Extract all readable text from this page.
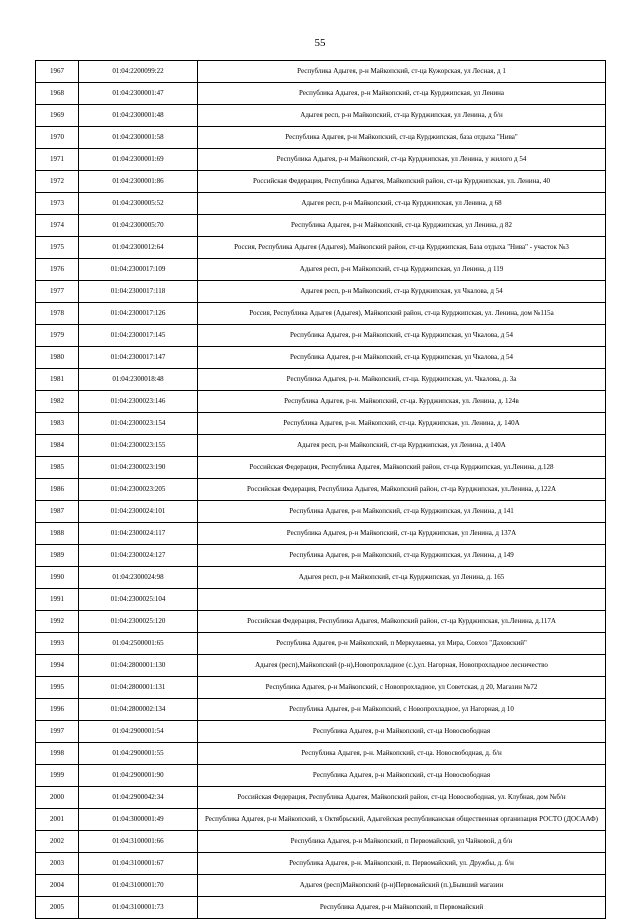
55
1967	01:04:2200099:22	Республика Адыгея, р-н Майкопский, ст-ца Кужорская, ул Лесная, д 1
1968	01:04:2300001:47	Республика Адыгея, р-н Майкопский, ст-ца Курджипская, ул Ленина
1969	01:04:2300001:48	Адыгея респ, р-н Майкопский, ст-ца Курджипская, ул Ленина, д б/н
1970	01:04:2300001:58	Республика Адыгея, р-н Майкопский, ст-ца Курджипская, база отдыха "Нива"
1971	01:04:2300001:69	Республика Адыгея, р-н Майкопский, ст-ца Курджипская, ул Ленина, у жилого д 54
1972	01:04:2300001:86	Российская Федерация, Республика Адыгея, Майкопский район, ст-ца Курджипская, ул. Ленина, 40
1973	01:04:2300005:52	Адыгея респ, р-н Майкопский, ст-ца Курджипская, ул Ленина, д 68
1974	01:04:2300005:70	Республика Адыгея, р-н Майкопский, ст-ца Курджипская, ул Ленина, д 82
1975	01:04:2300012:64	Россия, Республика Адыгея (Адыгея), Майкопский район, ст-ца Курджипская, База отдыха "Нива" - участок №3
1976	01:04:2300017:109	Адыгея респ, р-н Майкопский, ст-ца Курджипская, ул Ленина, д 119
1977	01:04:2300017:118	Адыгея респ, р-н Майкопский, ст-ца Курджипская, ул Чкалова, д 54
1978	01:04:2300017:126	Россия, Республика Адыгея (Адыгея), Майкопский район, ст-ца Курджипская, ул. Ленина, дом №115а
1979	01:04:2300017:145	Республика Адыгея, р-н Майкопский, ст-ца Курджипская, ул Чкалова, д 54
1980	01:04:2300017:147	Республика Адыгея, р-н Майкопский, ст-ца Курджипская, ул Чкалова, д 54
1981	01:04:2300018:48	Республика Адыгея, р-н. Майкопский, ст-ца. Курджипская, ул. Чкалова, д. 3а
1982	01:04:2300023:146	Республика Адыгея, р-н. Майкопский, ст-ца. Курджипская, ул. Ленина, д. 124в
1983	01:04:2300023:154	Республика Адыгея, р-н. Майкопский, ст-ца. Курджипская, ул. Ленина, д. 140А
1984	01:04:2300023:155	Адыгея респ, р-н Майкопский, ст-ца Курджипская, ул Ленина, д 140А
1985	01:04:2300023:190	Российская Федерация, Республика Адыгея, Майкопский район, ст-ца Курджипская, ул.Ленина, д.128
1986	01:04:2300023:205	Российская Федерация, Республика Адыгея, Майкопский район, ст-ца Курджипская, ул.Ленина, д.122А
1987	01:04:2300024:101	Республика Адыгея, р-н Майкопский, ст-ца Курджипская, ул Ленина, д 141
1988	01:04:2300024:117	Республика Адыгея, р-н Майкопский, ст-ца Курджипская, ул Ленина, д 137А
1989	01:04:2300024:127	Республика Адыгея, р-н Майкопский, ст-ца Курджипская, ул Ленина, д 149
1990	01:04:2300024:98	Адыгея респ, р-н Майкопский, ст-ца Курджипская, ул Ленина, д. 165
1991	01:04:2300025:104	
1992	01:04:2300025:120	Российская Федерация, Республика Адыгея, Майкопский район, ст-ца Курджипская, ул.Ленина, д.117А
1993	01:04:2500001:65	Республика Адыгея, р-н Майкопский, п Меркулаевка, ул Мира, Совхоз "Даховский"
1994	01:04:2800001:130	Адыгея (респ),Майкопский (р-н),Новопрохладное (с.),ул. Нагорная, Новопрохладное лесничество
1995	01:04:2800001:131	Республика Адыгея, р-н Майкопский, с Новопрохладное, ул Советская, д 20, Магазин №72
1996	01:04:2800002:134	Республика Адыгея, р-н Майкопский, с Новопрохладное, ул Нагорная, д 10
1997	01:04:2900001:54	Республика Адыгея, р-н Майкопский, ст-ца Новосвободная
1998	01:04:2900001:55	Республика Адыгея, р-н. Майкопский, ст-ца. Новосвободная, д. б/н
1999	01:04:2900001:90	Республика Адыгея, р-н Майкопский, ст-ца Новосвободная
2000	01:04:2900042:34	Российская Федерация, Республика Адыгея, Майкопский район, ст-ца Новосвободная, ул. Клубная, дом №б/н
2001	01:04:3000001:49	Республика Адыгея, р-н Майкопский, х Октябрьский, Адыгейская республиканская общественная организация РОСТО (ДОСААФ)
2002	01:04:3100001:66	Республика Адыгея, р-н Майкопский, п Первомайский, ул Чайковой, д б/н
2003	01:04:3100001:67	Республика Адыгея, р-н. Майкопский, п. Первомайский, ул. Дружбы, д. б/н
2004	01:04:3100001:70	Адыгея (респ)Майкопский (р-н)Первомайский (п.),Бывший магазин
2005	01:04:3100001:73	Республика Адыгея, р-н Майкопский, п Первомайский
